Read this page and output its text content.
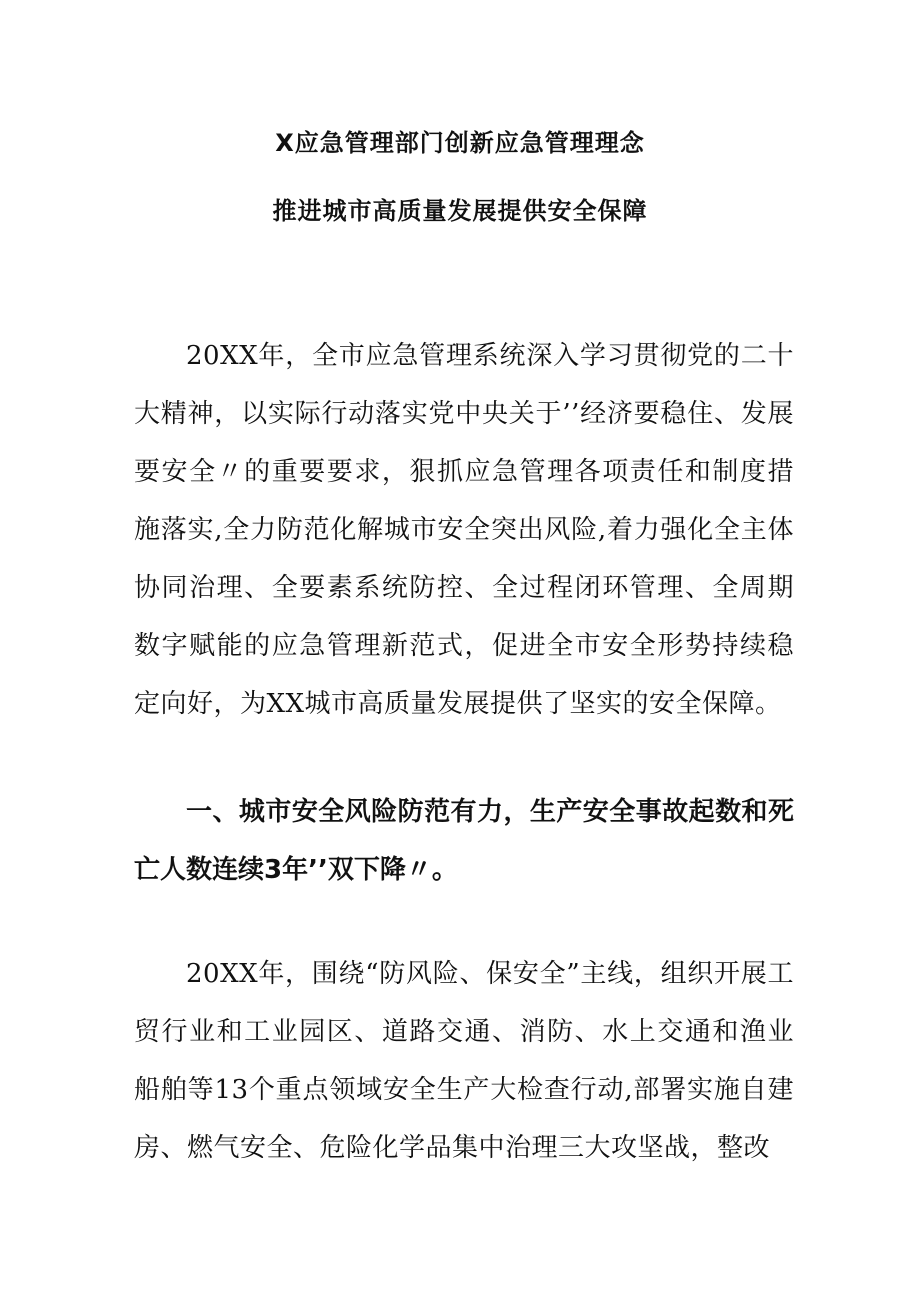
X应急管理部门创新应急管理理念
推进城市高质量发展提供安全保障

20XX年，全市应急管理系统深入学习贯彻党的二十大精神，以实际行动落实党中央关于’’经济要稳住、发展要安全〃的重要要求，狠抓应急管理各项责任和制度措施落实,全力防范化解城市安全突出风险,着力强化全主体协同治理、全要素系统防控、全过程闭环管理、全周期数字赋能的应急管理新范式，促进全市安全形势持续稳定向好，为XX城市高质量发展提供了坚实的安全保障。

一、城市安全风险防范有力，生产安全事故起数和死亡人数连续3年’’双下降〃。

20XX年，围绕“防风险、保安全”主线，组织开展工贸行业和工业园区、道路交通、消防、水上交通和渔业船舶等13个重点领域安全生产大检查行动,部署实施自建房、燃气安全、危险化学品集中治理三大攻坚战，整改
